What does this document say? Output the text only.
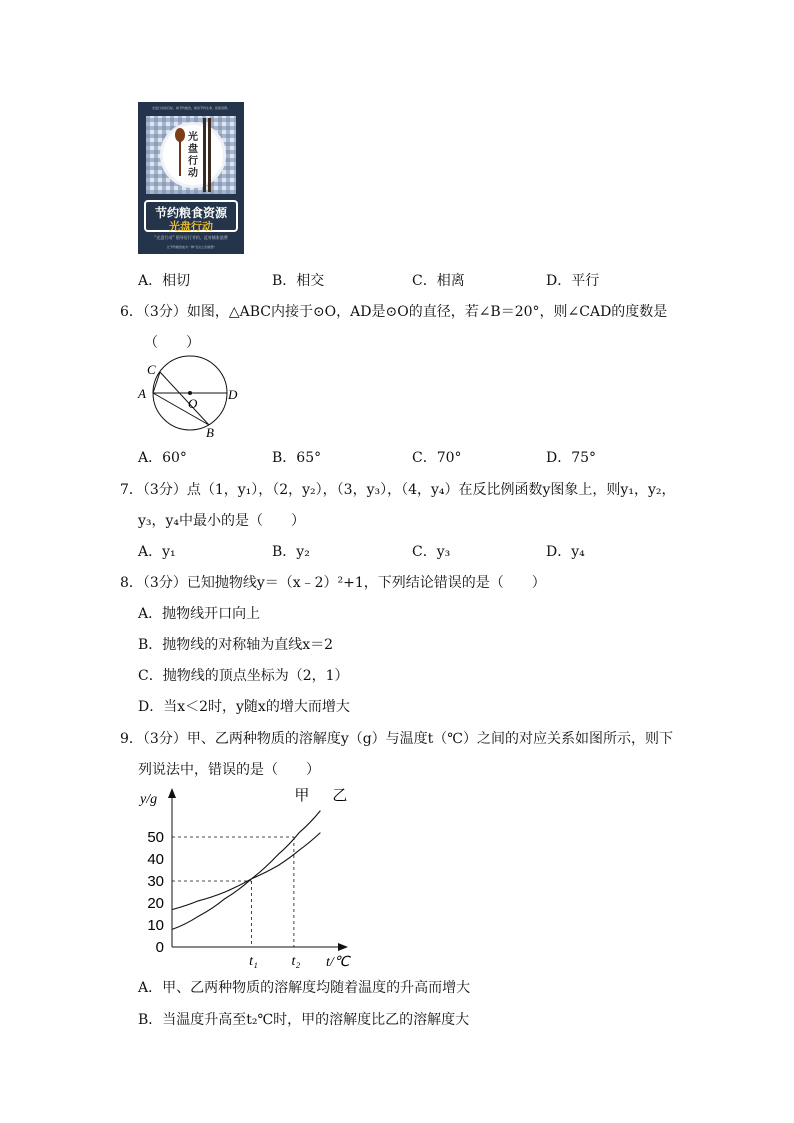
光盘行动的目标，就节约粮食，就是节约生命，拒绝浪费。
光盘行动
节约粮食资源
光盘行动
“光盘行动” 倡导厉行节约，反对铺张浪费
让节约粮食成为一种“舌尖上的美德”
A．相切	B．相交	C．相离	D．平行
6．（3分）如图，△ABC内接于⊙O，AD是⊙O的直径，若∠B＝20°，则∠CAD的度数是
（　　）
C
A
O
D
B
A．60°	B．65°	C．70°	D．75°
7．（3分）点（1，y₁），（2，y₂），（3，y₃），（4，y₄）在反比例函数y图象上，则y₁，y₂，
y₃，y₄中最小的是（　　）
A．y₁	B．y₂	C．y₃	D．y₄
8．（3分）已知抛物线y＝（x﹣2）²+1，下列结论错误的是（　　）
A．抛物线开口向上
B．抛物线的对称轴为直线x＝2
C．抛物线的顶点坐标为（2，1）
D．当x＜2时，y随x的增大而增大
9．（3分）甲、乙两种物质的溶解度y（g）与温度t（℃）之间的对应关系如图所示，则下
列说法中，错误的是（　　）
0
10
20
30
40
50
t₁ t₂
甲 乙
y/g
t/℃
A．甲、乙两种物质的溶解度均随着温度的升高而增大
B．当温度升高至t₂℃时，甲的溶解度比乙的溶解度大
